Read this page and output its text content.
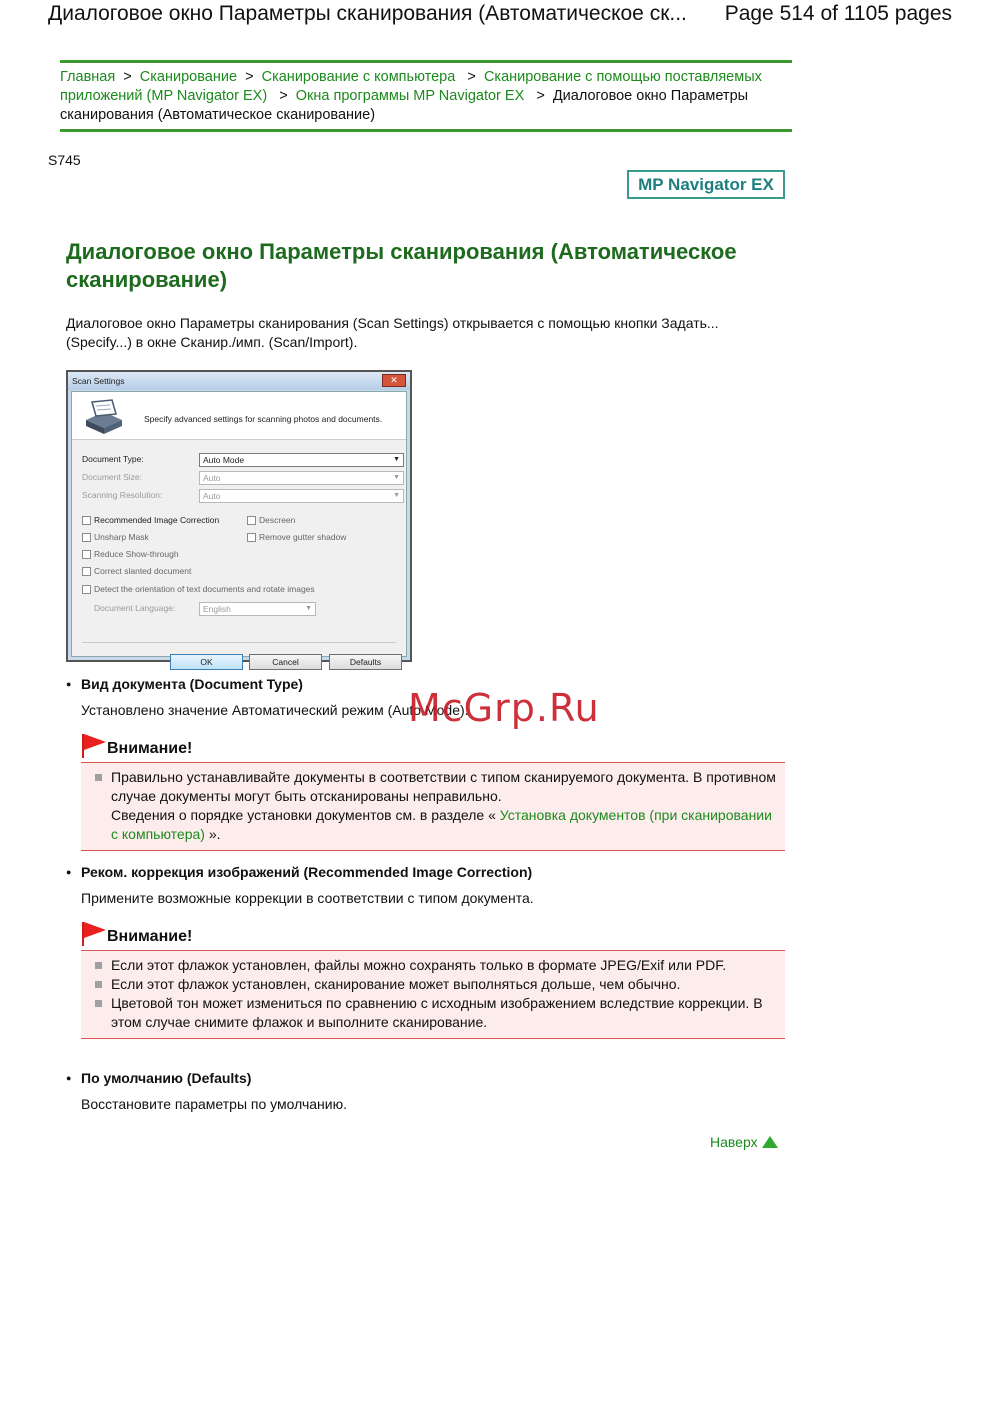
Диалоговое окно Параметры сканирования (Автоматическое ск... Page 514 of 1105 pages
Главная  >  Сканирование  >  Сканирование с компьютера   >  Сканирование с помощью поставляемых приложений (MP Navigator EX)   >  Окна программы MP Navigator EX   >  Диалоговое окно Параметры сканирования (Автоматическое сканирование)
S745
MP Navigator EX
Диалоговое окно Параметры сканирования (Автоматическое сканирование)
Диалоговое окно Параметры сканирования (Scan Settings) открывается с помощью кнопки Задать... (Specify...) в окне Сканир./имп. (Scan/Import).
Scan Settings	✕
Specify advanced settings for scanning photos and documents.
Document Type:	Auto Mode	▼
Document Size:	Auto	▼
Scanning Resolution:	Auto	▼
Recommended Image Correction	Descreen
Unsharp Mask	Remove gutter shadow
Reduce Show-through
Correct slanted document
Detect the orientation of text documents and rotate images
Document Language:	English	▼
OK	Cancel	Defaults
● Вид документа (Document Type)
Установлено значение Автоматический режим (Auto Mode).
Внимание!
Правильно устанавливайте документы в соответствии с типом сканируемого документа. В противном случае документы могут быть отсканированы неправильно.
Сведения о порядке установки документов см. в разделе « Установка документов (при сканировании с компьютера) ».
● Реком. коррекция изображений (Recommended Image Correction)
Примените возможные коррекции в соответствии с типом документа.
Внимание!
Если этот флажок установлен, файлы можно сохранять только в формате JPEG/Exif или PDF.
Если этот флажок установлен, сканирование может выполняться дольше, чем обычно.
Цветовой тон может измениться по сравнению с исходным изображением вследствие коррекции. В этом случае снимите флажок и выполните сканирование.
● По умолчанию (Defaults)
Восстановите параметры по умолчанию.
Наверх
McGrp.Ru
